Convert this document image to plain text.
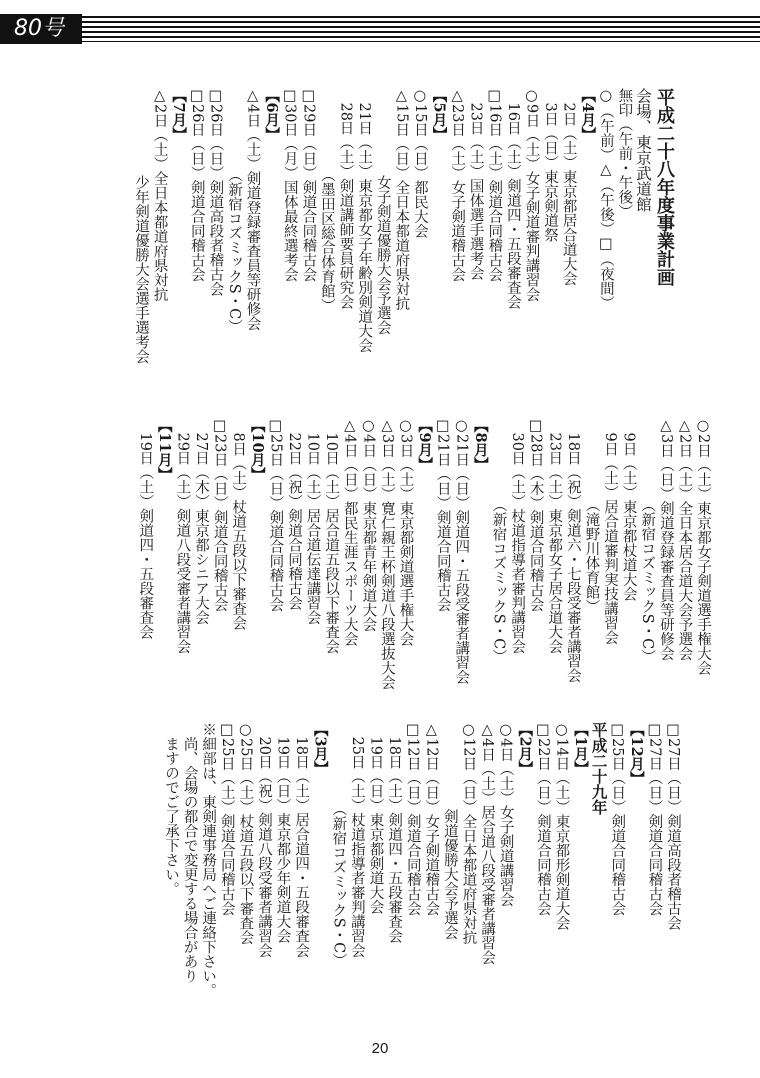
80号
平成二十八年度事業計画
会場、東京武道館
無印（午前・午後）
○（午前）△（午後）□（夜間）
【4月】
　2日（土）東京都居合道大会
　3日（日）東京剣道祭
○9日（土）女子剣道審判講習会
　16日（土）剣道四・五段審査会
□16日（土）剣道合同稽古会
　23日（土）国体選手選考会
△23日（土）女子剣道稽古会
【5月】
○15日（日）都民大会
△15日（日）全日本都道府県対抗
　　　　　　女子剣道優勝大会予選会
　21日（土）東京都女子年齢別剣道大会
　28日（土）剣道講師要員研究会
　　　　　　（墨田区総合体育館）
□29日（日）剣道合同稽古会
□30日（月）国体最終選考会
【6月】
△4日（土）剣道登録審査員等研修会
　　　　　　（新宿コズミックS・C）
□26日（日）剣道高段者稽古会
□26日（日）剣道合同稽古会
【7月】
△2日（土）全日本都道府県対抗
　　　　　　少年剣道優勝大会選手選考会
○2日（土）東京都女子剣道選手権大会
△2日（土）全日本居合道大会予選会
△3日（日）剣道登録審査員等研修会
　　　　　　（新宿コズミックS・C）
　9日（土）東京都杖道大会
　9日（土）居合道審判実技講習会
　　　　　　（滝野川体育館）
　18日（祝）剣道六・七段受審者講習会
　23日（土）東京都女子居合道大会
□28日（木）剣道合同稽古会
　30日（土）杖道指導者審判講習会
　　　　　　（新宿コズミックS・C）
【8月】
○21日（日）剣道四・五段受審者講習会
□21日（日）剣道合同稽古会
【9月】
○3日（土）東京都剣道選手権大会
△3日（土）寛仁親王杯剣道八段選抜大会
○4日（日）東京都青年剣道大会
△4日（日）都民生涯スポーツ大会
　10日（土）居合道五段以下審査会
　10日（土）居合道伝達講習会
　22日（祝）剣道合同稽古会
□25日（日）剣道合同稽古会
【10月】
　8日（土）杖道五段以下審査会
□23日（日）剣道合同稽古会
　27日（木）東京都シニア大会
　29日（土）剣道八段受審者講習会
【11月】
　19日（土）剣道四・五段審査会
□27日（日）剣道高段者稽古会
□27日（日）剣道合同稽古会
【12月】
□25日（日）剣道合同稽古会
平成二十九年
【1月】
○14日（土）東京都形剣道大会
□22日（日）剣道合同稽古会
【2月】
○4日（土）女子剣道講習会
△4日（土）居合道八段受審者講習会
○12日（日）全日本都道府県対抗
　　　　　　剣道優勝大会予選会
△12日（日）女子剣道稽古会
□12日（日）剣道合同稽古会
　18日（土）剣道四・五段審査会
　19日（日）東京都剣道大会
　25日（土）杖道指導者審判講習会
　　　　　　（新宿コズミックS・C）
【3月】
　18日（土）居合道四・五段審査会
　19日（日）東京都少年剣道大会
　20日（祝）剣道八段受審者講習会
○25日（土）杖道五段以下審査会
□25日（土）剣道合同稽古会
※細部は、東剣連事務局へご連絡下さい。
　尚、会場の都合で変更する場合があり
　ますのでご了承下さい。
20
